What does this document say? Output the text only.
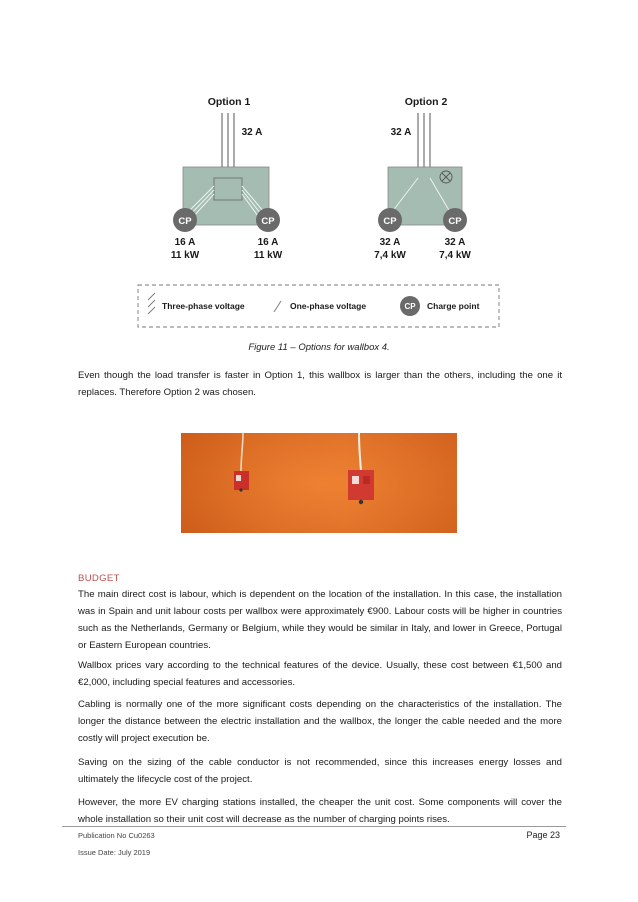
Option 1	Option 2
32 A
CP	CP
16 A
11 kW
16 A
11 kW
32 A
CP	CP
32 A
7,4 kW
32 A
7,4 kW
Three-phase voltage	One-phase voltage	CP Charge point
Figure 11 – Options for wallbox 4.

Even though the load transfer is faster in Option 1, this wallbox is larger than the others, including the one it replaces. Therefore Option 2 was chosen.

BUDGET

The main direct cost is labour, which is dependent on the location of the installation. In this case, the installation was in Spain and unit labour costs per wallbox were approximately €900. Labour costs will be higher in countries such as the Netherlands, Germany or Belgium, while they would be similar in Italy, and lower in Greece, Portugal or Eastern European countries.

Wallbox prices vary according to the technical features of the device. Usually, these cost between €1,500 and €2,000, including special features and accessories.

Cabling is normally one of the more significant costs depending on the characteristics of the installation. The longer the distance between the electric installation and the wallbox, the longer the cable needed and the more costly will project execution be.

Saving on the sizing of the cable conductor is not recommended, since this increases energy losses and ultimately the lifecycle cost of the project.

However, the more EV charging stations installed, the cheaper the unit cost. Some components will cover the whole installation so their unit cost will decrease as the number of charging points rises.

Publication No Cu0263
Issue Date: July 2019
Page 23
